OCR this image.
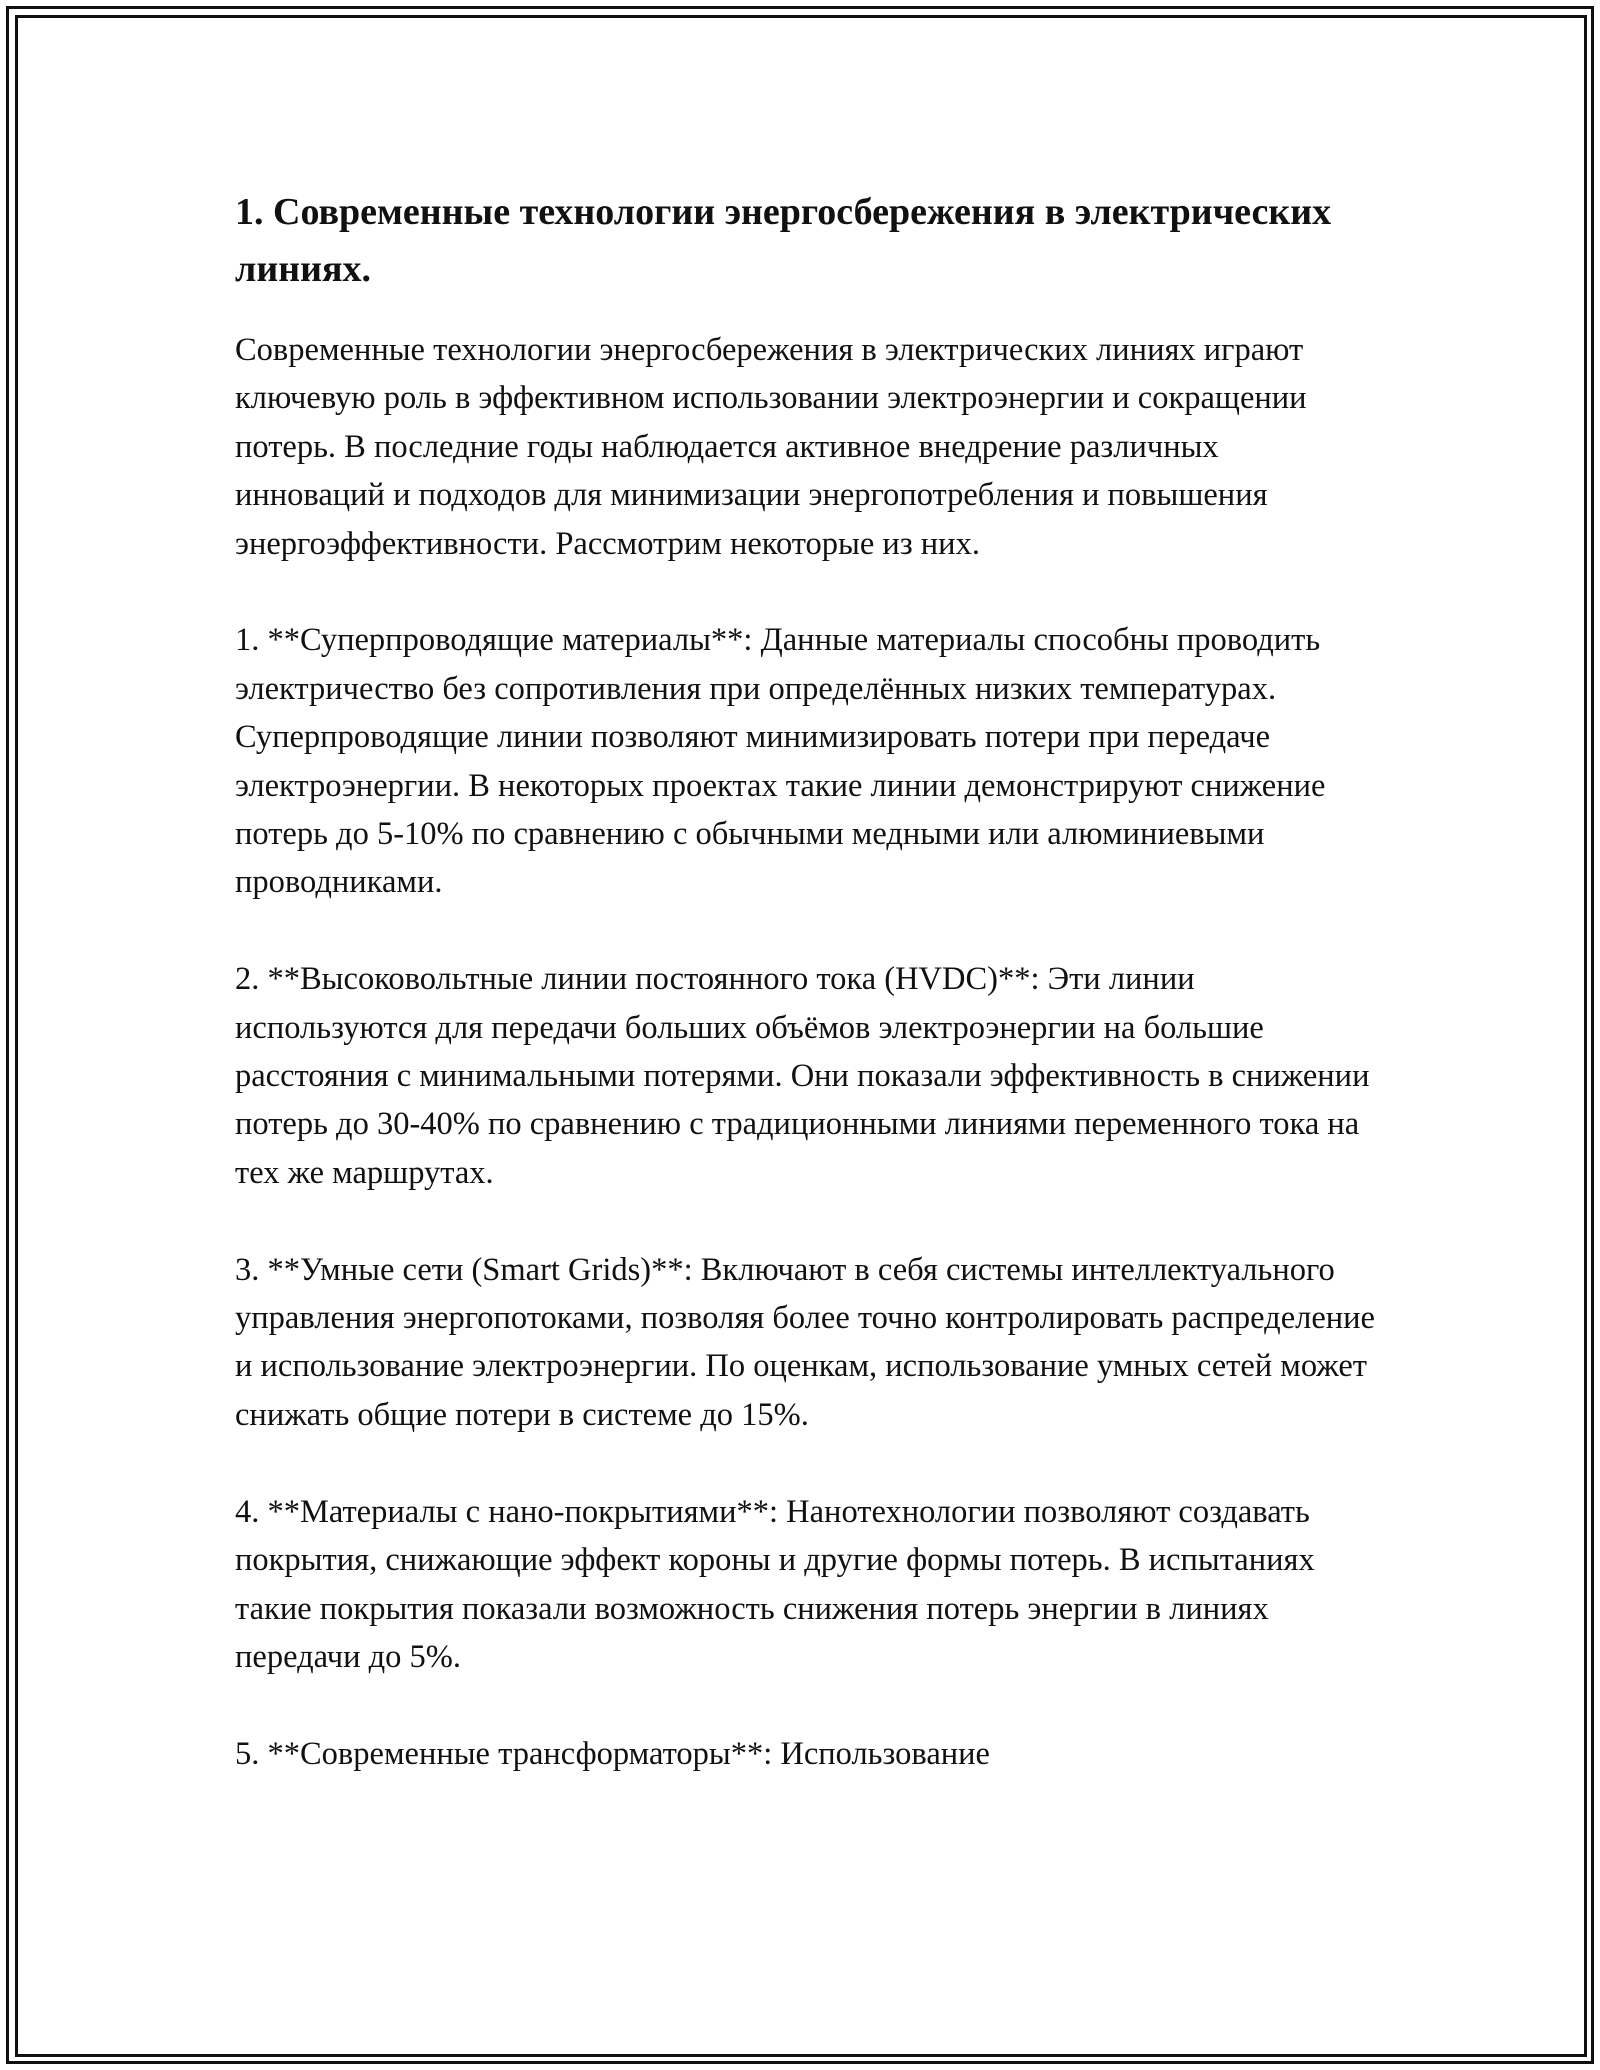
1. Современные технологии энергосбережения в электрических линиях.

Современные технологии энергосбережения в электрических линиях играют ключевую роль в эффективном использовании электроэнергии и сокращении потерь. В последние годы наблюдается активное внедрение различных инноваций и подходов для минимизации энергопотребления и повышения энергоэффективности. Рассмотрим некоторые из них.

1. **Суперпроводящие материалы**: Данные материалы способны проводить электричество без сопротивления при определённых низких температурах. Суперпроводящие линии позволяют минимизировать потери при передаче электроэнергии. В некоторых проектах такие линии демонстрируют снижение потерь до 5-10% по сравнению с обычными медными или алюминиевыми проводниками.

2. **Высоковольтные линии постоянного тока (HVDC)**: Эти линии используются для передачи больших объёмов электроэнергии на большие расстояния с минимальными потерями. Они показали эффективность в снижении потерь до 30-40% по сравнению с традиционными линиями переменного тока на тех же маршрутах.

3. **Умные сети (Smart Grids)**: Включают в себя системы интеллектуального управления энергопотоками, позволяя более точно контролировать распределение и использование электроэнергии. По оценкам, использование умных сетей может снижать общие потери в системе до 15%.

4. **Материалы с нано-покрытиями**: Нанотехнологии позволяют создавать покрытия, снижающие эффект короны и другие формы потерь. В испытаниях такие покрытия показали возможность снижения потерь энергии в линиях передачи до 5%.

5. **Современные трансформаторы**: Использование
